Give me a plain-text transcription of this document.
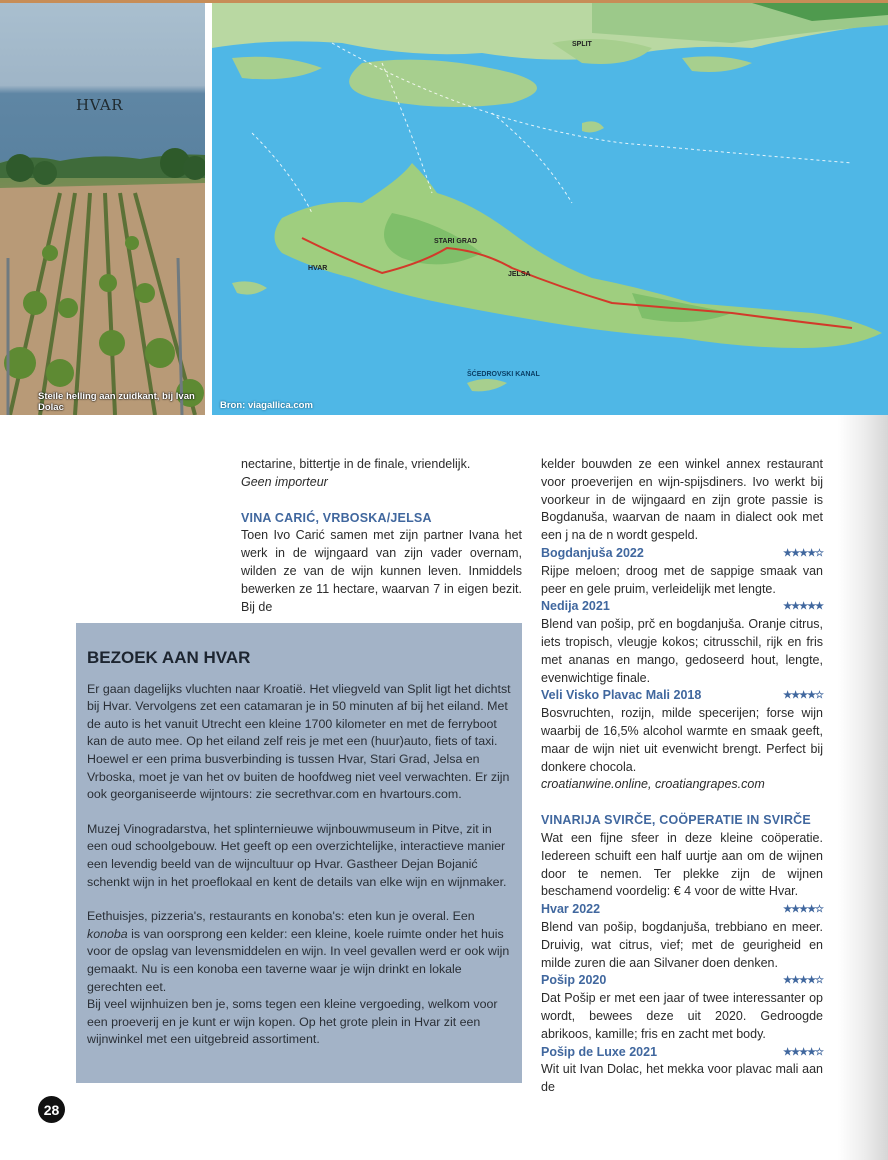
HVAR
Steile helling aan zuidkant, bij Ivan Dolac
SPLIT
STARI GRAD
JELSA
HVAR
ŠĆEDROVSKI KANAL
Bron: viagallica.com

nectarine, bittertje in de finale, vriendelijk.

Geen importeur

VINA CARIĆ, VRBOSKA/JELSA

Toen Ivo Carić samen met zijn partner Ivana het werk in de wijngaard van zijn vader overnam, wilden ze van de wijn kunnen leven. Inmiddels bewerken ze 11 hectare, waarvan 7 in eigen bezit. Bij de

kelder bouwden ze een winkel annex restaurant voor proeverijen en wijn-spijsdiners. Ivo werkt bij voorkeur in de wijngaard en zijn grote passie is Bogdanuša, waarvan de naam in dialect ook met een j na de n wordt gespeld.

Bogdanjuša 2022	★★★★☆

Rijpe meloen; droog met de sappige smaak van peer en gele pruim, verleidelijk met lengte.

Nedija 2021	★★★★★

Blend van pošip, prč en bogdanjuša. Oranje citrus, iets tropisch, vleugje kokos; citrusschil, rijk en fris met ananas en mango, gedoseerd hout, lengte, evenwichtige finale.

Veli Visko Plavac Mali 2018	★★★★☆

Bosvruchten, rozijn, milde specerijen; forse wijn waarbij de 16,5% alcohol warmte en smaak geeft, maar de wijn niet uit evenwicht brengt. Perfect bij donkere chocola.

croatianwine.online, croatiangrapes.com

VINARIJA SVIRČE, COÖPERATIE IN SVIRČE

Wat een fijne sfeer in deze kleine coöperatie. Iedereen schuift een half uurtje aan om de wijnen door te nemen. Ter plekke zijn de wijnen beschamend voordelig: € 4 voor de witte Hvar.

Hvar 2022	★★★★☆

Blend van pošip, bogdanjuša, trebbiano en meer. Druivig, wat citrus, vief; met de geurigheid en milde zuren die aan Silvaner doen denken.

Pošip 2020	★★★★☆

Dat Pošip er met een jaar of twee interessanter op wordt, bewees deze uit 2020. Gedroogde abrikoos, kamille; fris en zacht met body.

Pošip de Luxe 2021	★★★★☆

Wit uit Ivan Dolac, het mekka voor plavac mali aan de

BEZOEK AAN HVAR

Er gaan dagelijks vluchten naar Kroatië. Het vliegveld van Split ligt het dichtst bij Hvar. Vervolgens zet een catamaran je in 50 minuten af bij het eiland. Met de auto is het vanuit Utrecht een kleine 1700 kilometer en met de ferryboot kan de auto mee. Op het eiland zelf reis je met een (huur)auto, fiets of taxi. Hoewel er een prima busverbinding is tussen Hvar, Stari Grad, Jelsa en Vrboska, moet je van het ov buiten de hoofdweg niet veel verwachten. Er zijn ook georganiseerde wijntours: zie secrethvar.com en hvartours.com.

Muzej Vinogradarstva, het splinternieuwe wijnbouwmuseum in Pitve, zit in een oud schoolgebouw. Het geeft op een overzichtelijke, interactieve manier een levendig beeld van de wijncultuur op Hvar. Gastheer Dejan Bojanić schenkt wijn in het proeflokaal en kent de details van elke wijn en wijnmaker.

Eethuisjes, pizzeria's, restaurants en konoba's: eten kun je overal. Een konoba is van oorsprong een kelder: een kleine, koele ruimte onder het huis voor de opslag van levensmiddelen en wijn. In veel gevallen werd er ook wijn gemaakt. Nu is een konoba een taverne waar je wijn drinkt en lokale gerechten eet.

Bij veel wijnhuizen ben je, soms tegen een kleine vergoeding, welkom voor een proeverij en je kunt er wijn kopen. Op het grote plein in Hvar zit een wijnwinkel met een uitgebreid assortiment.

28
